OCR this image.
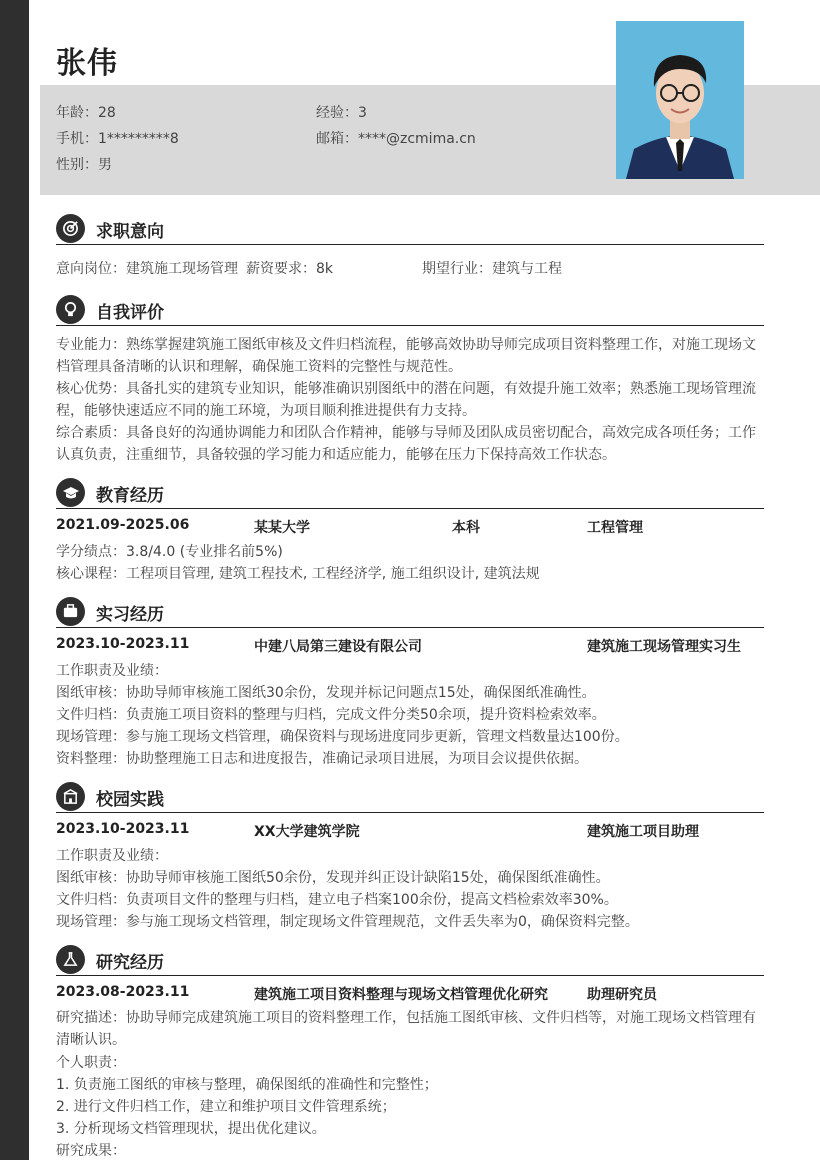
张伟
年龄：28	经验：3
手机：1*********8	邮箱：****@zcmima.cn
性别：男
求职意向
意向岗位：建筑施工现场管理 薪资要求：8k	期望行业：建筑与工程
自我评价
专业能力：熟练掌握建筑施工图纸审核及文件归档流程，能够高效协助导师完成项目资料整理工作，对施工现场文档管理具备清晰的认识和理解，确保施工资料的完整性与规范性。
核心优势：具备扎实的建筑专业知识，能够准确识别图纸中的潜在问题，有效提升施工效率；熟悉施工现场管理流程，能够快速适应不同的施工环境，为项目顺利推进提供有力支持。
综合素质：具备良好的沟通协调能力和团队合作精神，能够与导师及团队成员密切配合，高效完成各项任务；工作认真负责，注重细节，具备较强的学习能力和适应能力，能够在压力下保持高效工作状态。
教育经历
2021.09-2025.06	某某大学	本科	工程管理
学分绩点：3.8/4.0 (专业排名前5%)
核心课程：工程项目管理, 建筑工程技术, 工程经济学, 施工组织设计, 建筑法规
实习经历
2023.10-2023.11	中建八局第三建设有限公司	建筑施工现场管理实习生
工作职责及业绩：
图纸审核：协助导师审核施工图纸30余份，发现并标记问题点15处，确保图纸准确性。
文件归档：负责施工项目资料的整理与归档，完成文件分类50余项，提升资料检索效率。
现场管理：参与施工现场文档管理，确保资料与现场进度同步更新，管理文档数量达100份。
资料整理：协助整理施工日志和进度报告，准确记录项目进展，为项目会议提供依据。
校园实践
2023.10-2023.11	XX大学建筑学院	建筑施工项目助理
工作职责及业绩：
图纸审核：协助导师审核施工图纸50余份，发现并纠正设计缺陷15处，确保图纸准确性。
文件归档：负责项目文件的整理与归档，建立电子档案100余份，提高文档检索效率30%。
现场管理：参与施工现场文档管理，制定现场文件管理规范，文件丢失率为0，确保资料完整。
研究经历
2023.08-2023.11	建筑施工项目资料整理与现场文档管理优化研究	助理研究员
研究描述：协助导师完成建筑施工项目的资料整理工作，包括施工图纸审核、文件归档等，对施工现场文档管理有清晰认识。
个人职责：
1. 负责施工图纸的审核与整理，确保图纸的准确性和完整性；
2. 进行文件归档工作，建立和维护项目文件管理系统；
3. 分析现场文档管理现状，提出优化建议。
研究成果：
